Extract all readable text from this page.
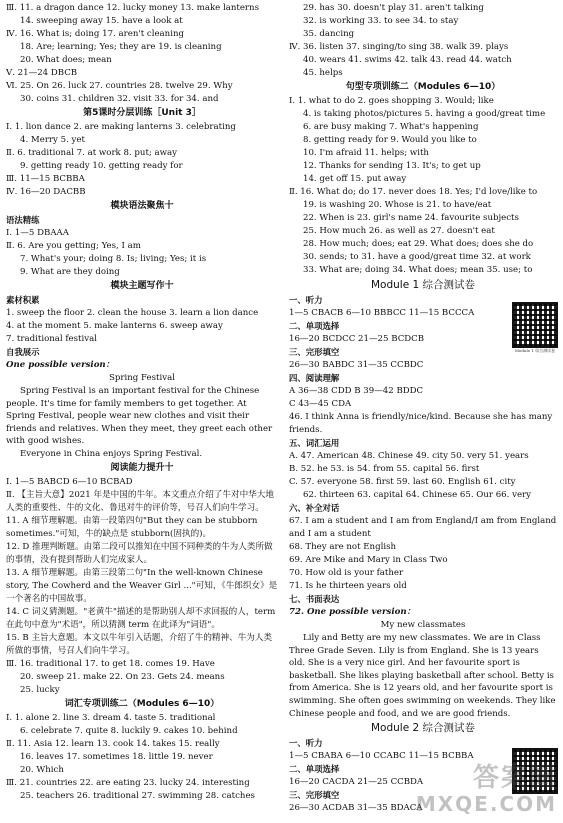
Ⅲ. 11. a dragon dance 12. lucky money 13. make lanterns
14. sweeping away 15. have a look at
Ⅳ. 16. What is; doing 17. aren't cleaning
18. Are; learning; Yes; they are 19. is cleaning
20. What does; mean
Ⅴ. 21—24 DBCB
Ⅵ. 25. On 26. luck 27. countries 28. twelve 29. Why
30. coins 31. children 32. visit 33. for 34. and
第5课时分层训练［Unit 3］
Ⅰ. 1. lion dance 2. are making lanterns 3. celebrating
4. Merry 5. yet
Ⅱ. 6. traditional 7. at work 8. put; away
9. getting ready 10. getting ready for
Ⅲ. 11—15 BCBBA
Ⅳ. 16—20 DACBB
模块语法聚焦十
语法精练
Ⅰ. 1—5 DBAAA
Ⅱ. 6. Are you getting; Yes, I am
7. What's your; doing 8. Is; living; Yes; it is
9. What are they doing
模块主题写作十
素材积累
1. sweep the floor 2. clean the house 3. learn a lion dance
4. at the moment 5. make lanterns 6. sweep away
7. traditional festival
自我展示
One possible version：
Spring Festival
Spring Festival is an important festival for the Chinese people. It's time for family members to get together. At Spring Festival, people wear new clothes and visit their friends and relatives. When they meet, they greet each other with good wishes.
Everyone in China enjoys Spring Festival.
阅读能力提升十
Ⅰ. 1—5 BABCD 6—10 BCBAD
Ⅱ. 【主旨大意】2021 年是中国的牛年。本文重点介绍了牛对中华大地人类的重要性、牛的文化、鲁迅对牛的评价等，号召人们向牛学习。
11. A 细节理解题。由第一段第四句"But they can be stubborn sometimes."可知，牛的缺点是 stubborn(固执的)。
12. D 推理判断题。由第二段可以推知在中国不同种类的牛为人类所做的事情，没有提到帮助人们完成家人。
13. A 细节理解题。由第三段第二句"In the well-known Chinese story, The Cowherd and the Weaver Girl ..."可知，《牛郎织女》是一个著名的中国故事。
14. C 词义猜测题。"老黄牛"描述的是帮助别人却不求回报的人，term 在此句中意为"术语"，所以猜测 term 在此译为"词语"。
15. B 主旨大意题。本文以牛年引入话题，介绍了牛的精神、牛为人类所做的事情，号召人们向牛学习。
Ⅲ. 16. traditional 17. to get 18. comes 19. Have
20. sweep 21. make 22. On 23. Gets 24. means
25. lucky
词汇专项训练二（Modules 6—10）
Ⅰ. 1. alone 2. line 3. dream 4. taste 5. traditional
6. celebrate 7. quite 8. luckily 9. cakes 10. behind
Ⅱ. 11. Asia 12. learn 13. cook 14. takes 15. really
16. leaves 17. sometimes 18. little 19. never
20. Which
Ⅲ. 21. countries 22. are eating 23. lucky 24. interesting
25. teachers 26. traditional 27. swimming 28. catches
29. has 30. doesn't play 31. aren't talking
32. is working 33. to see 34. to stay
35. dancing
Ⅳ. 36. listen 37. singing/to sing 38. walk 39. plays
40. wears 41. swims 42. talk 43. read 44. watch
45. helps
句型专项训练二（Modules 6—10）
Ⅰ. 1. what to do 2. goes shopping 3. Would; like
4. is taking photos/pictures 5. having a good/great time
6. are busy making 7. What's happening
8. getting ready for 9. Would you like to
10. I'm afraid 11. helps; with
12. Thanks for sending 13. It's; to get up
14. get off 15. put away
Ⅱ. 16. What do; do 17. never does 18. Yes; I'd love/like to
19. is washing 20. Whose is 21. to have/eat
22. When is 23. girl's name 24. favourite subjects
25. How much 26. as well as 27. doesn't eat
28. How much; does; eat 29. What does; does she do
30. sends; to 31. have a good/great time 32. at work
33. What are; doing 34. What does; mean 35. use; to
Module 1 综合测试卷
一、听力
1—5 CBACB 6—10 BBBCC 11—15 BCCCA
二、单项选择
16—20 BCDCC 21—25 BCDCB
三、完形填空
26—30 BABDC 31—35 CCBDC
四、阅读理解
A 36—38 CDD B 39—42 BDDC
C 43—45 CDA
46. I think Anna is friendly/nice/kind. Because she has many friends.
五、词汇运用
A. 47. American 48. Chinese 49. city 50. very 51. years
B. 52. he 53. is 54. from 55. capital 56. first
C. 57. everyone 58. first 59. last 60. English 61. city
62. thirteen 63. capital 64. Chinese 65. Our 66. very
六、补全对话
67. I am a student and I am from England/I am from England and I am a student
68. They are not English
69. Are Mike and Mary in Class Two
70. How old is your father
71. Is he thirteen years old
七、书面表达
72. One possible version：
My new classmates
Lily and Betty are my new classmates. We are in Class Three Grade Seven. Lily is from England. She is 13 years old. She is a very nice girl. And her favourite sport is basketball. She likes playing basketball after school. Betty is from America. She is 12 years old, and her favourite sport is swimming. She often goes swimming on weekends. They like Chinese people and food, and we are good friends.
Module 2 综合测试卷
一、听力
1—5 CBABA 6—10 CCABC 11—15 BCBBA
二、单项选择
16—20 CACDA 21—25 CCBDA
三、完形填空
26—30 ACDAB 31—35 BDACA
Module 1 综合测试卷
答案圈
MXQE.COM
